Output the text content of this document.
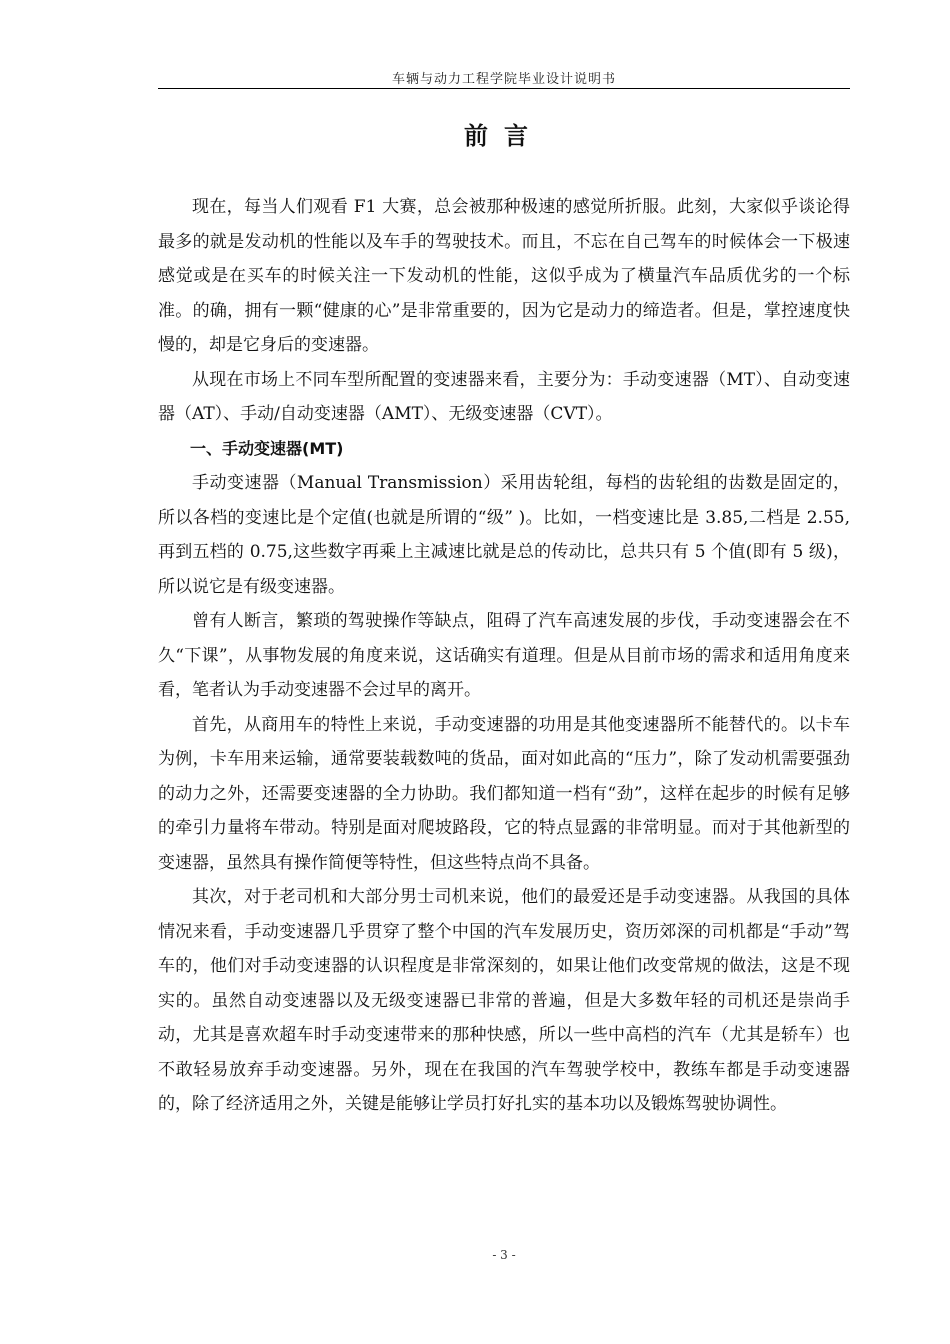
车辆与动力工程学院毕业设计说明书
前言

现在，每当人们观看 F1 大赛，总会被那种极速的感觉所折服。此刻，大家似乎谈论得最多的就是发动机的性能以及车手的驾驶技术。而且，不忘在自己驾车的时候体会一下极速感觉或是在买车的时候关注一下发动机的性能，这似乎成为了横量汽车品质优劣的一个标准。的确，拥有一颗“健康的心”是非常重要的，因为它是动力的缔造者。但是，掌控速度快慢的，却是它身后的变速器。

从现在市场上不同车型所配置的变速器来看，主要分为：手动变速器（MT）、自动变速器（AT）、手动/自动变速器（AMT）、无级变速器（CVT）。

一、手动变速器(MT)

手动变速器（Manual Transmission）采用齿轮组，每档的齿轮组的齿数是固定的，所以各档的变速比是个定值(也就是所谓的“级” )。比如，一档变速比是 3.85,二档是 2.55,再到五档的 0.75,这些数字再乘上主减速比就是总的传动比，总共只有 5 个值(即有 5 级)，所以说它是有级变速器。

曾有人断言，繁琐的驾驶操作等缺点，阻碍了汽车高速发展的步伐，手动变速器会在不久“下课”，从事物发展的角度来说，这话确实有道理。但是从目前市场的需求和适用角度来看，笔者认为手动变速器不会过早的离开。

首先，从商用车的特性上来说，手动变速器的功用是其他变速器所不能替代的。以卡车为例，卡车用来运输，通常要装载数吨的货品，面对如此高的“压力”，除了发动机需要强劲的动力之外，还需要变速器的全力协助。我们都知道一档有“劲”，这样在起步的时候有足够的牵引力量将车带动。特别是面对爬坡路段，它的特点显露的非常明显。而对于其他新型的变速器，虽然具有操作简便等特性，但这些特点尚不具备。

其次，对于老司机和大部分男士司机来说，他们的最爱还是手动变速器。从我国的具体情况来看，手动变速器几乎贯穿了整个中国的汽车发展历史，资历郊深的司机都是“手动”驾车的，他们对手动变速器的认识程度是非常深刻的，如果让他们改变常规的做法，这是不现实的。虽然自动变速器以及无级变速器已非常的普遍，但是大多数年轻的司机还是崇尚手动，尤其是喜欢超车时手动变速带来的那种快感，所以一些中高档的汽车（尤其是轿车）也不敢轻易放弃手动变速器。另外，现在在我国的汽车驾驶学校中，教练车都是手动变速器的，除了经济适用之外，关键是能够让学员打好扎实的基本功以及锻炼驾驶协调性。

- 3 -
